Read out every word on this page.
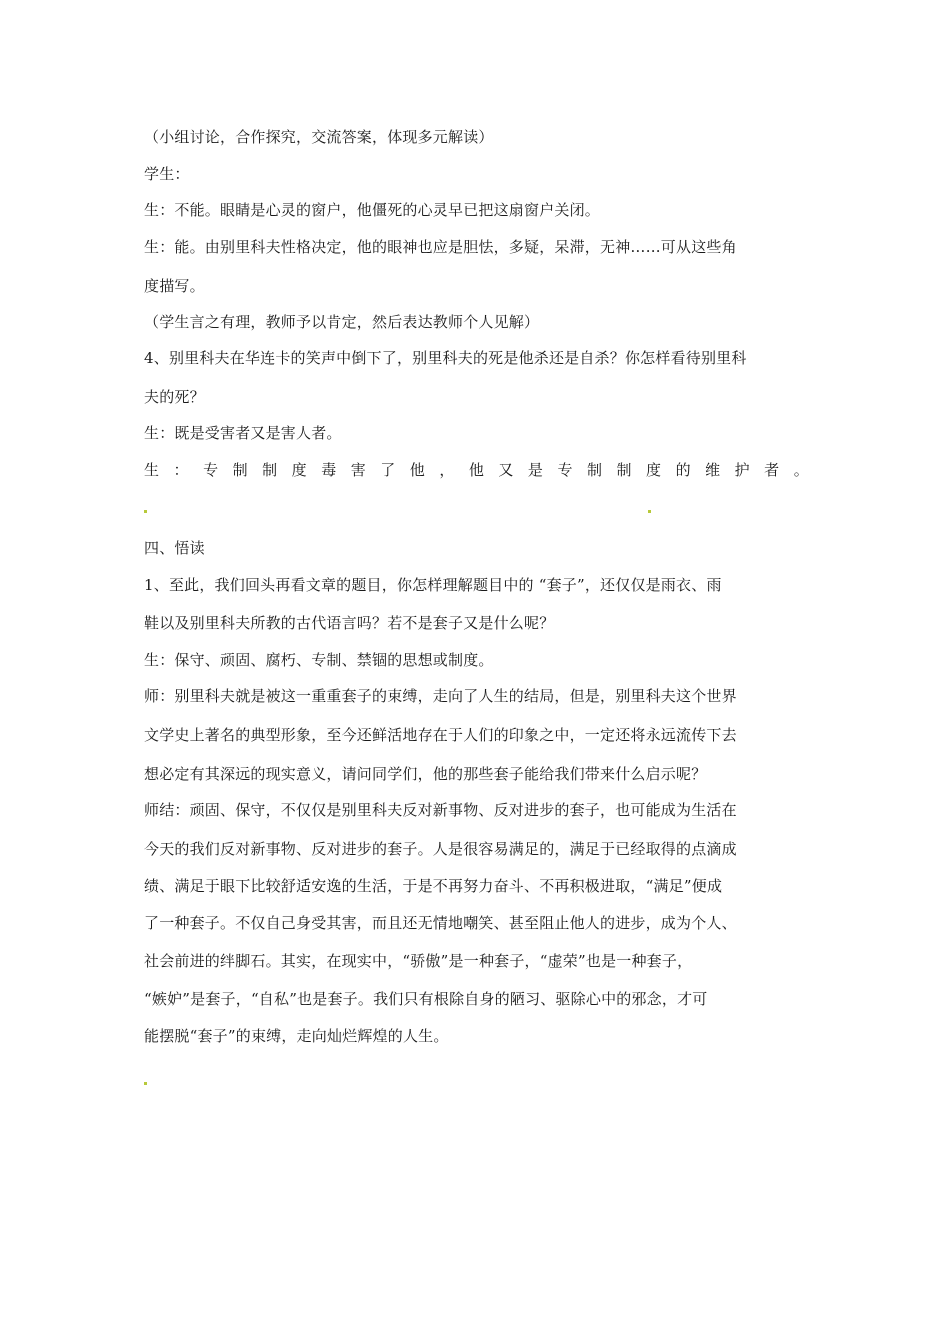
（小组讨论，合作探究，交流答案，体现多元解读）
学生：
生：不能。眼睛是心灵的窗户，他僵死的心灵早已把这扇窗户关闭。
生：能。由别里科夫性格决定，他的眼神也应是胆怯，多疑，呆滞，无神……可从这些角
度描写。
（学生言之有理，教师予以肯定，然后表达教师个人见解）
4、别里科夫在华连卡的笑声中倒下了，别里科夫的死是他杀还是自杀？你怎样看待别里科
夫的死？
生：既是受害者又是害人者。
生 ： 专 制 制 度 毒 害 了 他 ， 他 又 是 专 制 制 度 的 维 护 者 。
四、悟读
1、至此，我们回头再看文章的题目，你怎样理解题目中的 “套子”，还仅仅是雨衣、雨
鞋以及别里科夫所教的古代语言吗？若不是套子又是什么呢？
生：保守、顽固、腐朽、专制、禁锢的思想或制度。
师：别里科夫就是被这一重重套子的束缚，走向了人生的结局，但是，别里科夫这个世界
文学史上著名的典型形象，至今还鲜活地存在于人们的印象之中，一定还将永远流传下去
想必定有其深远的现实意义，请问同学们，他的那些套子能给我们带来什么启示呢？
师结：顽固、保守，不仅仅是别里科夫反对新事物、反对进步的套子，也可能成为生活在
今天的我们反对新事物、反对进步的套子。人是很容易满足的，满足于已经取得的点滴成
绩、满足于眼下比较舒适安逸的生活，于是不再努力奋斗、不再积极进取，“满足”便成
了一种套子。不仅自己身受其害，而且还无情地嘲笑、甚至阻止他人的进步，成为个人、
社会前进的绊脚石。其实，在现实中，“骄傲”是一种套子，“虚荣”也是一种套子，
“嫉妒”是套子，“自私”也是套子。我们只有根除自身的陋习、驱除心中的邪念，才可
能摆脱“套子”的束缚，走向灿烂辉煌的人生。
